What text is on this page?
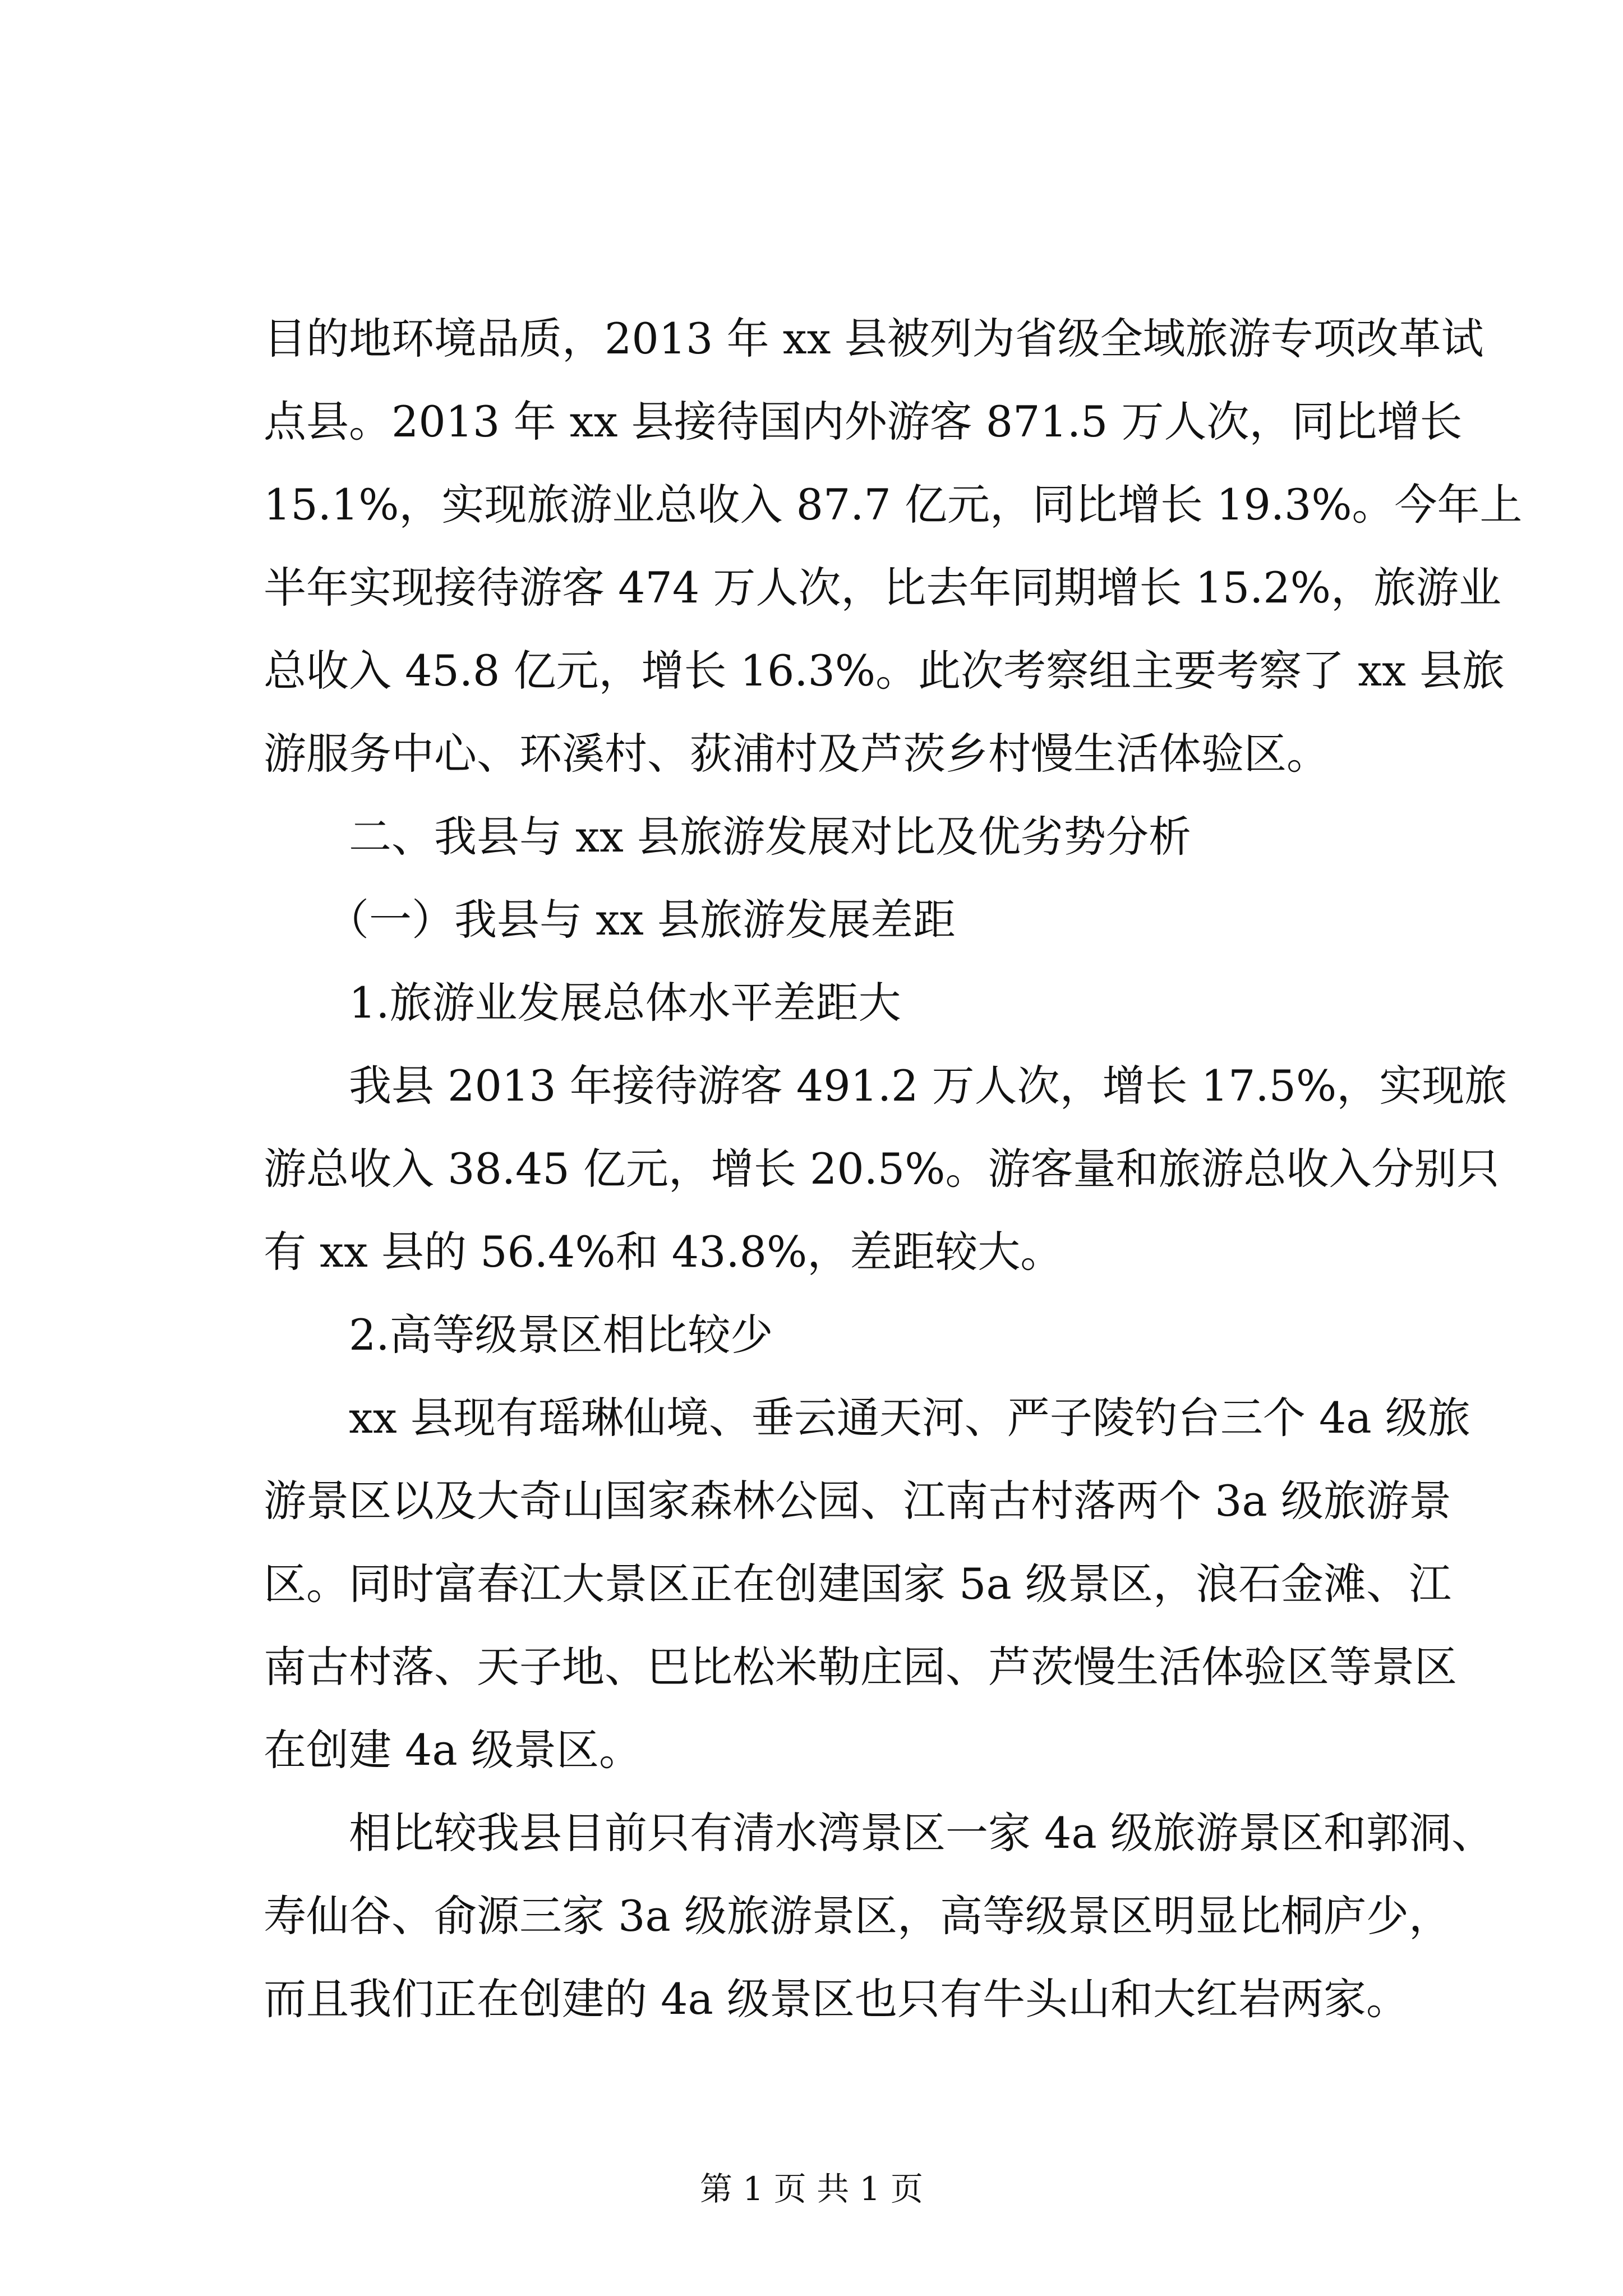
目的地环境品质，2013 年 xx 县被列为省级全域旅游专项改革试
点县。2013 年 xx 县接待国内外游客 871.5 万人次，同比增长
15.1%，实现旅游业总收入 87.7 亿元，同比增长 19.3%。今年上
半年实现接待游客 474 万人次，比去年同期增长 15.2%，旅游业
总收入 45.8 亿元，增长 16.3%。此次考察组主要考察了 xx 县旅
游服务中心、环溪村、荻浦村及芦茨乡村慢生活体验区。
二、我县与 xx 县旅游发展对比及优劣势分析
（一）我县与 xx 县旅游发展差距
1.旅游业发展总体水平差距大
我县 2013 年接待游客 491.2 万人次，增长 17.5%，实现旅
游总收入 38.45 亿元，增长 20.5%。游客量和旅游总收入分别只
有 xx 县的 56.4%和 43.8%，差距较大。
2.高等级景区相比较少
xx 县现有瑶琳仙境、垂云通天河、严子陵钓台三个 4a 级旅
游景区以及大奇山国家森林公园、江南古村落两个 3a 级旅游景
区。同时富春江大景区正在创建国家 5a 级景区，浪石金滩、江
南古村落、天子地、巴比松米勒庄园、芦茨慢生活体验区等景区
在创建 4a 级景区。
相比较我县目前只有清水湾景区一家 4a 级旅游景区和郭洞、
寿仙谷、俞源三家 3a 级旅游景区，高等级景区明显比桐庐少，
而且我们正在创建的 4a 级景区也只有牛头山和大红岩两家。
第 1 页 共 1 页
